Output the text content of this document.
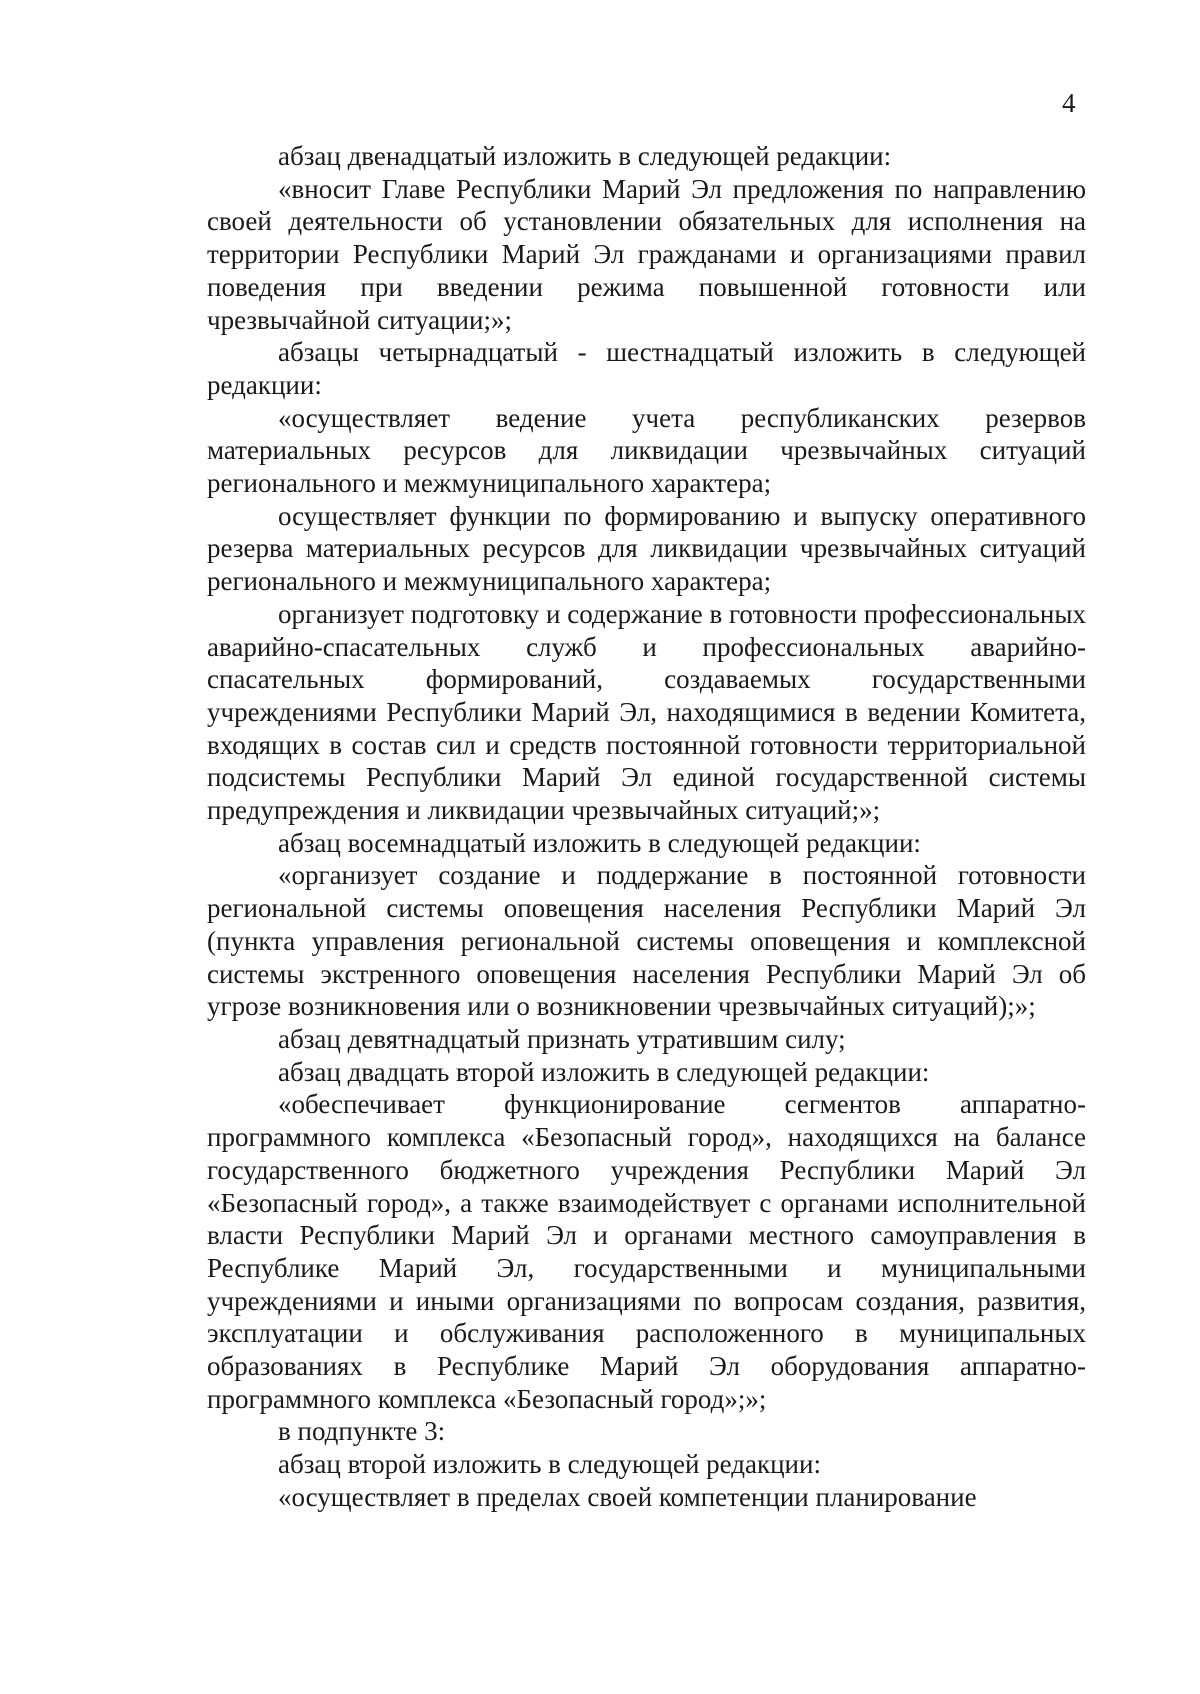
4

абзац двенадцатый изложить в следующей редакции:

«вносит Главе Республики Марий Эл предложения по направлению своей деятельности об установлении обязательных для исполнения на территории Республики Марий Эл гражданами и организациями правил поведения при введении режима повышенной готовности или чрезвычайной ситуации;»;

абзацы четырнадцатый - шестнадцатый изложить в следующей редакции:

«осуществляет ведение учета республиканских резервов материальных ресурсов для ликвидации чрезвычайных ситуаций регионального и межмуниципального характера;

осуществляет функции по формированию и выпуску оперативного резерва материальных ресурсов для ликвидации чрезвычайных ситуаций регионального и межмуниципального характера;

организует подготовку и содержание в готовности профессиональных аварийно-спасательных служб и профессиональных аварийно-спасательных формирований, создаваемых государственными учреждениями Республики Марий Эл, находящимися в ведении Комитета, входящих в состав сил и средств постоянной готовности территориальной подсистемы Республики Марий Эл единой государственной системы предупреждения и ликвидации чрезвычайных ситуаций;»;

абзац восемнадцатый изложить в следующей редакции:

«организует создание и поддержание в постоянной готовности региональной системы оповещения населения Республики Марий Эл (пункта управления региональной системы оповещения и комплексной системы экстренного оповещения населения Республики Марий Эл об угрозе возникновения или о возникновении чрезвычайных ситуаций);»;

абзац девятнадцатый признать утратившим силу;

абзац двадцать второй изложить в следующей редакции:

«обеспечивает функционирование сегментов аппаратно-программного комплекса «Безопасный город», находящихся на балансе государственного бюджетного учреждения Республики Марий Эл «Безопасный город», а также взаимодействует с органами исполнительной власти Республики Марий Эл и органами местного самоуправления в Республике Марий Эл, государственными и муниципальными учреждениями и иными организациями по вопросам создания, развития, эксплуатации и обслуживания расположенного в муниципальных образованиях в Республике Марий Эл оборудования аппаратно-программного комплекса «Безопасный город»;»;

в подпункте 3:

абзац второй изложить в следующей редакции:

«осуществляет в пределах своей компетенции планирование
